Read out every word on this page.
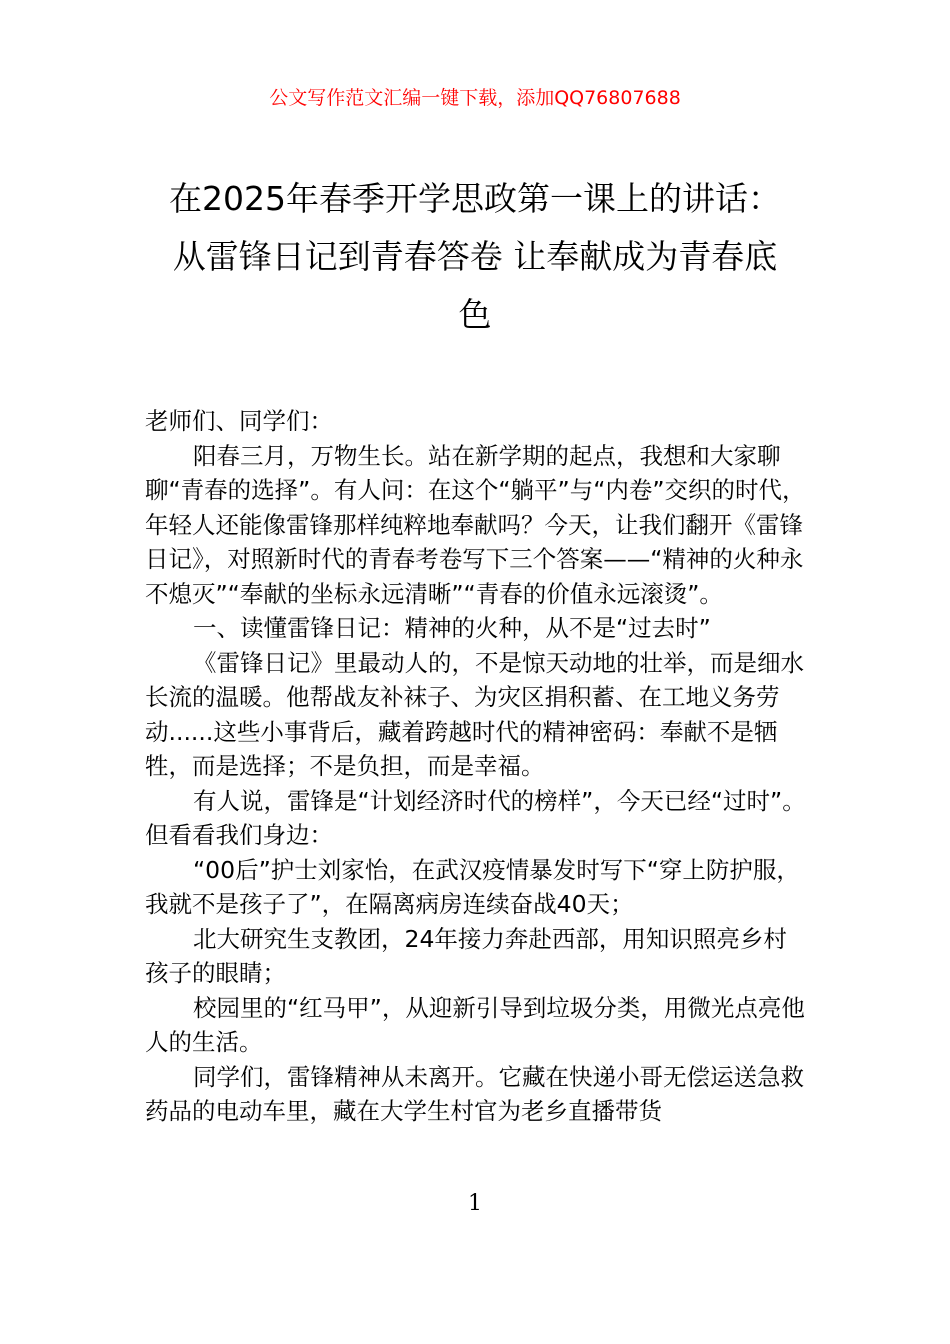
公文写作范文汇编一键下载，添加QQ76807688
在2025年春季开学思政第一课上的讲话：
从雷锋日记到青春答卷 让奉献成为青春底
色

老师们、同学们：

阳春三月，万物生长。站在新学期的起点，我想和大家聊聊“青春的选择”。有人问：在这个“躺平”与“内卷”交织的时代，年轻人还能像雷锋那样纯粹地奉献吗？今天，让我们翻开《雷锋日记》，对照新时代的青春考卷写下三个答案——“精神的火种永不熄灭”“奉献的坐标永远清晰”“青春的价值永远滚烫”。

一、读懂雷锋日记：精神的火种，从不是“过去时”

《雷锋日记》里最动人的，不是惊天动地的壮举，而是细水长流的温暖。他帮战友补袜子、为灾区捐积蓄、在工地义务劳动......这些小事背后，藏着跨越时代的精神密码：奉献不是牺牲，而是选择；不是负担，而是幸福。

有人说，雷锋是“计划经济时代的榜样”，今天已经“过时”。但看看我们身边：

“00后”护士刘家怡，在武汉疫情暴发时写下“穿上防护服，我就不是孩子了”，在隔离病房连续奋战40天；

北大研究生支教团，24年接力奔赴西部，用知识照亮乡村孩子的眼睛；

校园里的“红马甲”，从迎新引导到垃圾分类，用微光点亮他人的生活。

同学们，雷锋精神从未离开。它藏在快递小哥无偿运送急救药品的电动车里，藏在大学生村官为老乡直播带货

1
